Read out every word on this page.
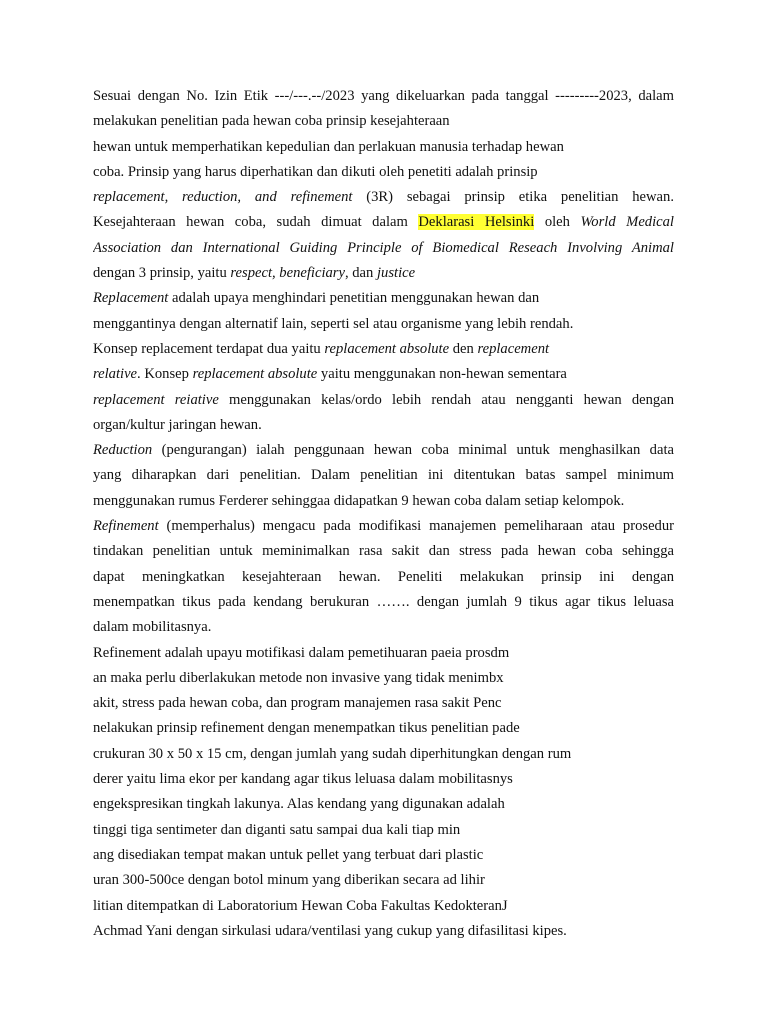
Sesuai dengan No. Izin Etik ---/---.--/2023 yang dikeluarkan pada tanggal ---------2023, dalam
melakukan penelitian pada hewan coba prinsip kesejahteraan
hewan untuk memperhatikan kepedulian dan perlakuan manusia terhadap hewan
coba. Prinsip yang harus diperhatikan dan dikuti oleh penetiti adalah prinsip
replacement, reduction, and refinement (3R) sebagai prinsip etika penelitian hewan.
Kesejahteraan hewan coba, sudah dimuat dalam Deklarasi Helsinki oleh World Medical
Association dan International Guiding Principle of Biomedical Reseach Involving Animal
dengan 3 prinsip, yaitu respect, beneficiary, dan justice
Replacement adalah upaya menghindari penetitian menggunakan hewan dan
menggantinya dengan alternatif lain, seperti sel atau organisme yang lebih rendah.
Konsep replacement terdapat dua yaitu replacement absolute den replacement
relative. Konsep replacement absolute yaitu menggunakan non-hewan sementara
replacement reiative menggunakan kelas/ordo lebih rendah atau nengganti hewan dengan
organ/kultur jaringan hewan.
Reduction (pengurangan) ialah penggunaan hewan coba minimal untuk menghasilkan data
yang diharapkan dari penelitian. Dalam penelitian ini ditentukan batas sampel minimum
menggunakan rumus Ferderer sehinggaa didapatkan 9 hewan coba dalam setiap kelompok.
Refinement (memperhalus) mengacu pada modifikasi manajemen pemeliharaan atau prosedur
tindakan penelitian untuk meminimalkan rasa sakit dan stress pada hewan coba sehingga
dapat meningkatkan kesejahteraan hewan. Peneliti melakukan prinsip ini dengan
menempatkan tikus pada kendang berukuran ……. dengan jumlah 9 tikus agar tikus leluasa
dalam mobilitasnya.
Refinement adalah upayu motifikasi dalam pemetihuaran paeia prosdm
an maka perlu diberlakukan metode non invasive yang tidak menimbx
akit, stress pada hewan coba, dan program manajemen rasa sakit Penc
nelakukan prinsip refinement dengan menempatkan tikus penelitian pade
crukuran 30 x 50 x 15 cm, dengan jumlah yang sudah diperhitungkan dengan rum
derer yaitu lima ekor per kandang agar tikus leluasa dalam mobilitasnys
engekspresikan tingkah lakunya. Alas kendang yang digunakan adalah
tinggi tiga sentimeter dan diganti satu sampai dua kali tiap min
ang disediakan tempat makan untuk pellet yang terbuat dari plastic
uran 300-500ce dengan botol minum yang diberikan secara ad lihir
litian ditempatkan di Laboratorium Hewan Coba Fakultas KedokteranJ
Achmad Yani dengan sirkulasi udara/ventilasi yang cukup yang difasilitasi kipes.
